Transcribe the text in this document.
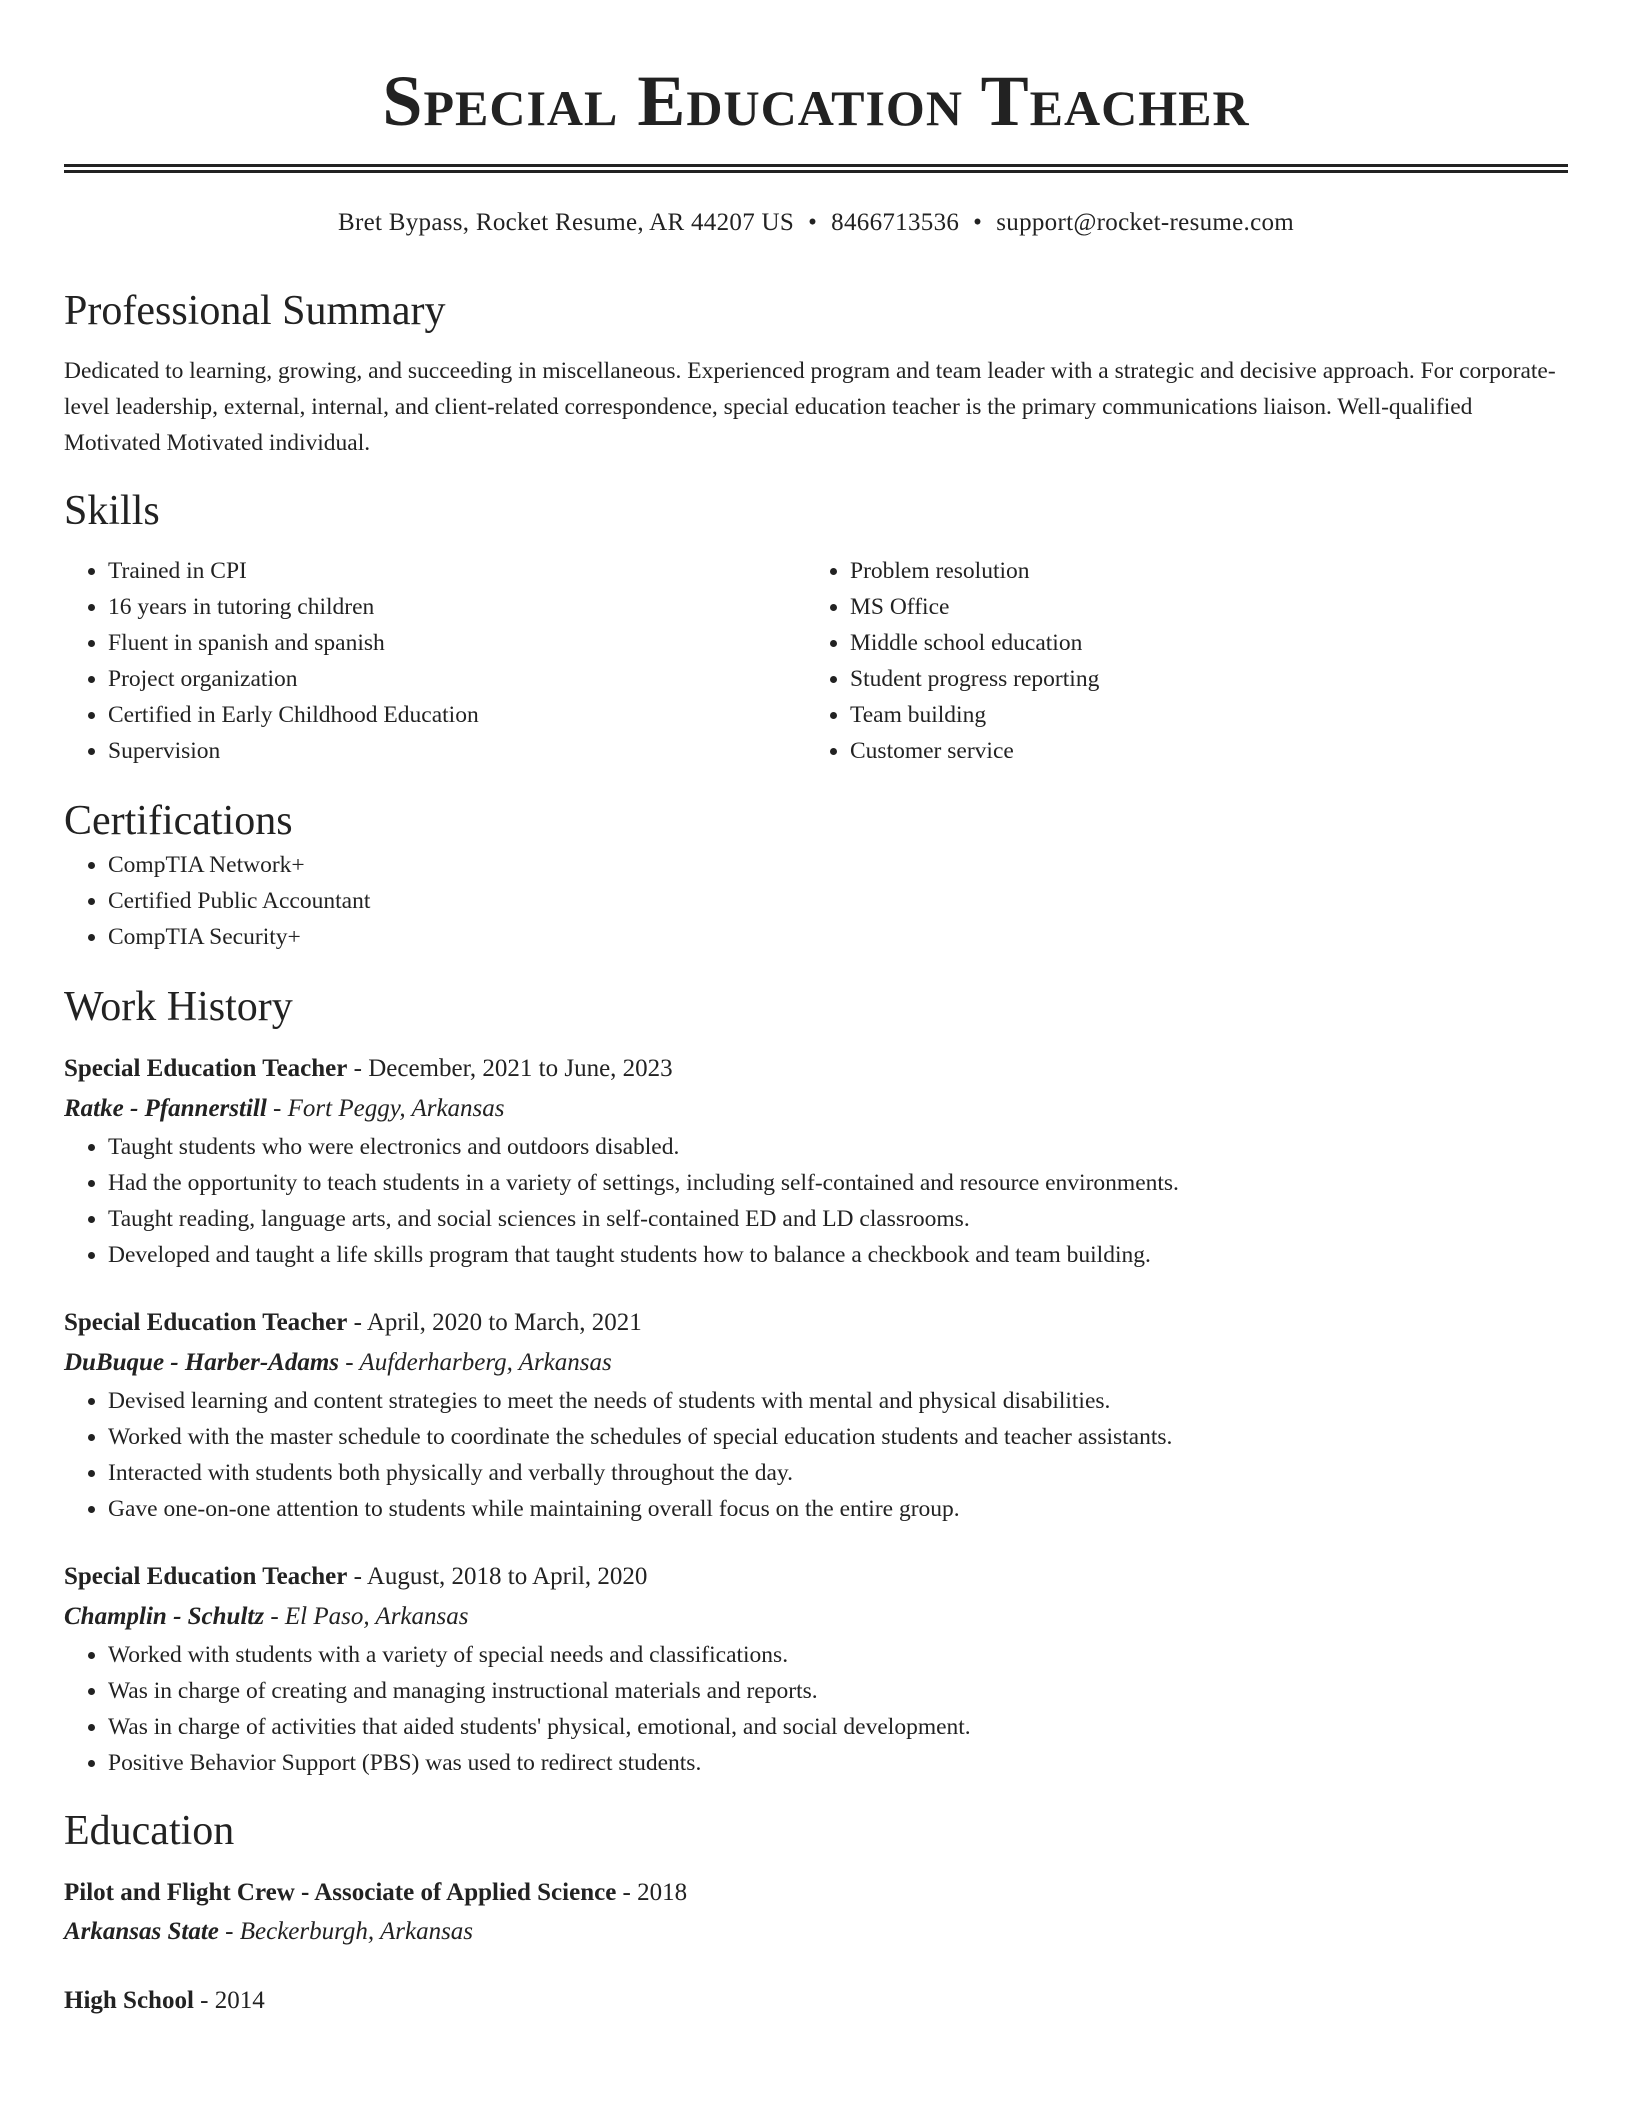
Special Education Teacher
Bret Bypass, Rocket Resume, AR 44207 US • 8466713536 • support@rocket-resume.com
Professional Summary

Dedicated to learning, growing, and succeeding in miscellaneous. Experienced program and team leader with a strategic and decisive approach. For corporate-level leadership, external, internal, and client-related correspondence, special education teacher is the primary communications liaison. Well-qualified Motivated Motivated individual.

Skills
• Trained in CPI
• 16 years in tutoring children
• Fluent in spanish and spanish
• Project organization
• Certified in Early Childhood Education
• Supervision
• Problem resolution
• MS Office
• Middle school education
• Student progress reporting
• Team building
• Customer service
Certifications
• CompTIA Network+
• Certified Public Accountant
• CompTIA Security+
Work History
Special Education Teacher - December, 2021 to June, 2023
Ratke - Pfannerstill - Fort Peggy, Arkansas
• Taught students who were electronics and outdoors disabled.
• Had the opportunity to teach students in a variety of settings, including self-contained and resource environments.
• Taught reading, language arts, and social sciences in self-contained ED and LD classrooms.
• Developed and taught a life skills program that taught students how to balance a checkbook and team building.
Special Education Teacher - April, 2020 to March, 2021
DuBuque - Harber-Adams - Aufderharberg, Arkansas
• Devised learning and content strategies to meet the needs of students with mental and physical disabilities.
• Worked with the master schedule to coordinate the schedules of special education students and teacher assistants.
• Interacted with students both physically and verbally throughout the day.
• Gave one-on-one attention to students while maintaining overall focus on the entire group.
Special Education Teacher - August, 2018 to April, 2020
Champlin - Schultz - El Paso, Arkansas
• Worked with students with a variety of special needs and classifications.
• Was in charge of creating and managing instructional materials and reports.
• Was in charge of activities that aided students' physical, emotional, and social development.
• Positive Behavior Support (PBS) was used to redirect students.
Education
Pilot and Flight Crew - Associate of Applied Science - 2018
Arkansas State - Beckerburgh, Arkansas
High School - 2014
